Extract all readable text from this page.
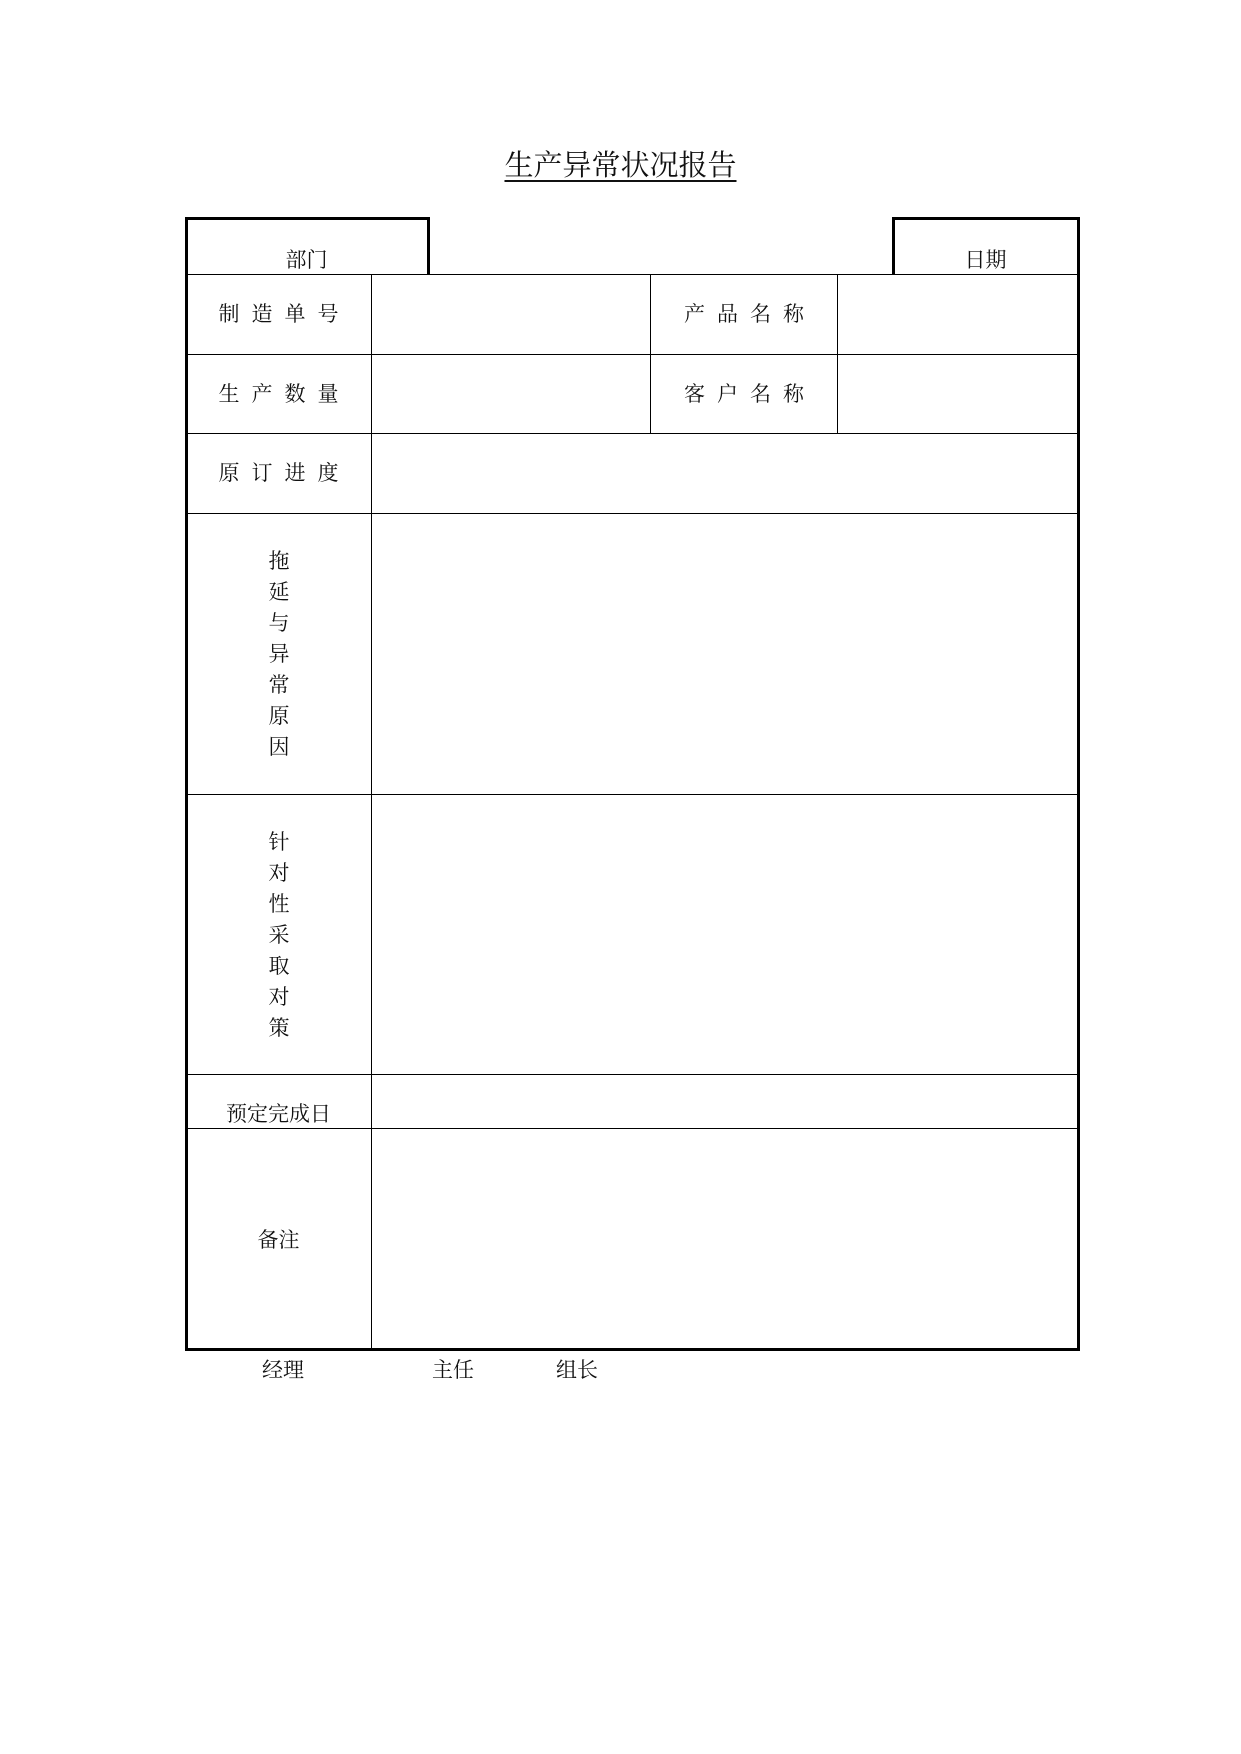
生产异常状况报告
部门	日期
制造单号	产品名称
生产数量	客户名称
原订进度
拖
延
与
异
常
原
因
针
对
性
采
取
对
策
预定完成日
备注
经理	主任	组长
